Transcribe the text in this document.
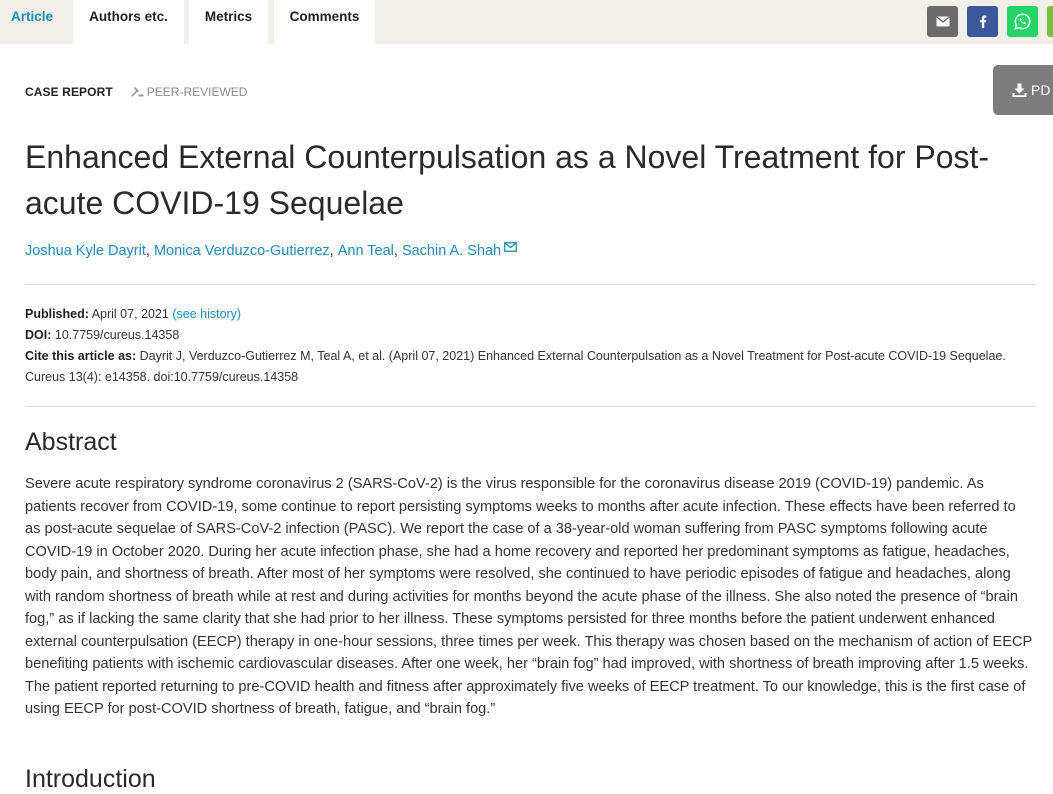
Article	Authors etc.	Metrics	Comments
PD
CASE REPORT	PEER-REVIEWED
Enhanced External Counterpulsation as a Novel Treatment for Post-acute COVID-19 Sequelae
Joshua Kyle Dayrit , Monica Verduzco-Gutierrez , Ann Teal , Sachin A. Shah
Published: April 07, 2021 (see history)
DOI: 10.7759/cureus.14358
Cite this article as: Dayrit J, Verduzco-Gutierrez M, Teal A, et al. (April 07, 2021) Enhanced External Counterpulsation as a Novel Treatment for Post-acute COVID-19 Sequelae. Cureus 13(4): e14358. doi:10.7759/cureus.14358
Abstract

Severe acute respiratory syndrome coronavirus 2 (SARS-CoV-2) is the virus responsible for the coronavirus disease 2019 (COVID-19) pandemic. As patients recover from COVID-19, some continue to report persisting symptoms weeks to months after acute infection. These effects have been referred to as post-acute sequelae of SARS-CoV-2 infection (PASC). We report the case of a 38-year-old woman suffering from PASC symptoms following acute COVID-19 in October 2020. During her acute infection phase, she had a home recovery and reported her predominant symptoms as fatigue, headaches, body pain, and shortness of breath. After most of her symptoms were resolved, she continued to have periodic episodes of fatigue and headaches, along with random shortness of breath while at rest and during activities for months beyond the acute phase of the illness. She also noted the presence of “brain fog,” as if lacking the same clarity that she had prior to her illness. These symptoms persisted for three months before the patient underwent enhanced external counterpulsation (EECP) therapy in one-hour sessions, three times per week. This therapy was chosen based on the mechanism of action of EECP benefiting patients with ischemic cardiovascular diseases. After one week, her “brain fog” had improved, with shortness of breath improving after 1.5 weeks. The patient reported returning to pre-COVID health and fitness after approximately five weeks of EECP treatment. To our knowledge, this is the first case of using EECP for post-COVID shortness of breath, fatigue, and “brain fog.”

Introduction
